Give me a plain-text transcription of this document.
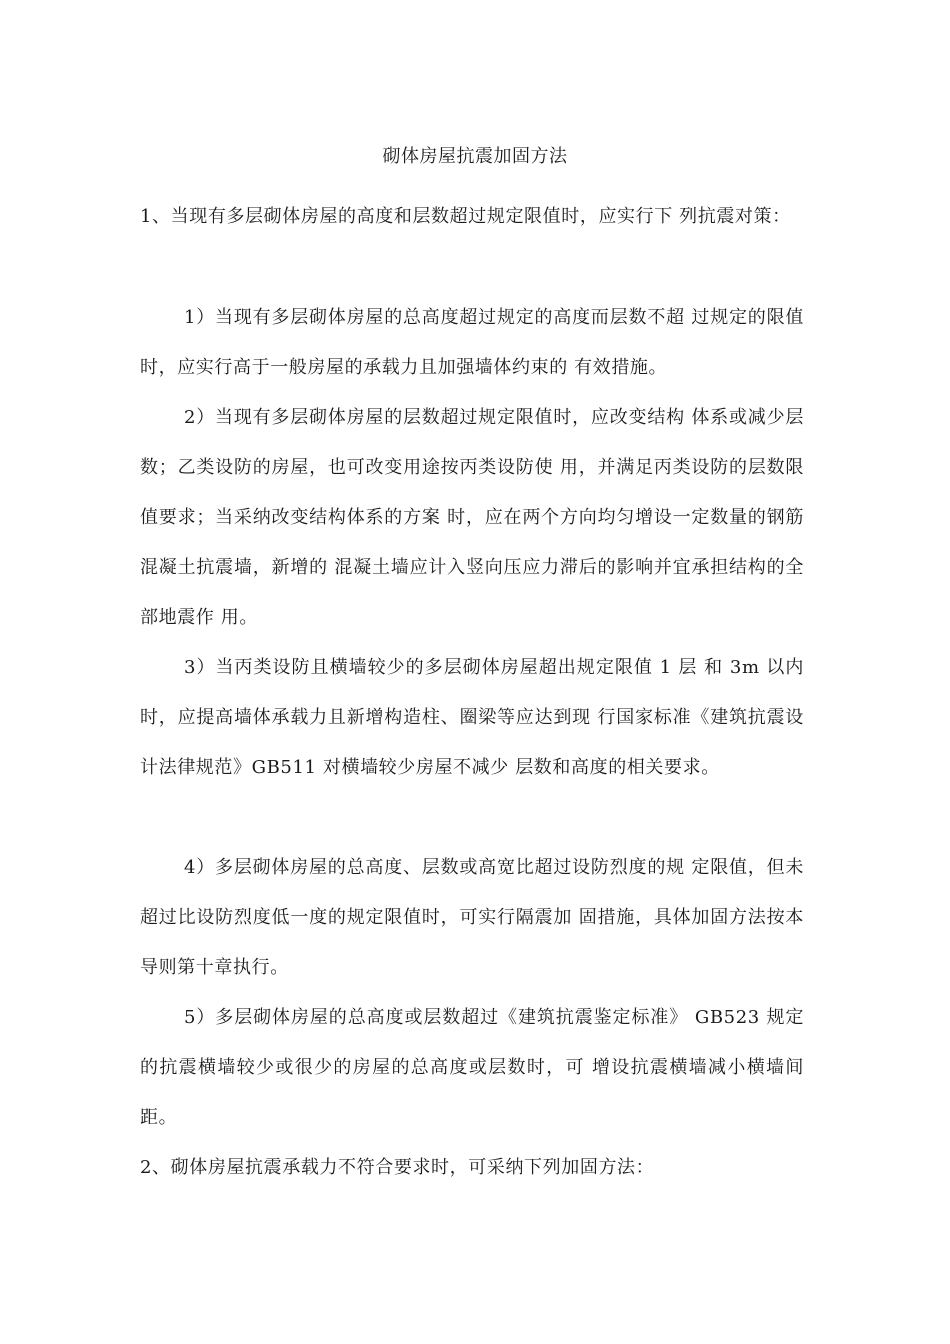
砌体房屋抗震加固方法

1、当现有多层砌体房屋的高度和层数超过规定限值时，应实行下 列抗震对策：

1）当现有多层砌体房屋的总高度超过规定的高度而层数不超 过规定的限值时，应实行高于一般房屋的承载力且加强墙体约束的 有效措施。

2）当现有多层砌体房屋的层数超过规定限值时，应改变结构 体系或减少层数；乙类设防的房屋，也可改变用途按丙类设防使 用，并满足丙类设防的层数限值要求；当采纳改变结构体系的方案 时，应在两个方向均匀增设一定数量的钢筋混凝土抗震墙，新增的 混凝土墙应计入竖向压应力滞后的影响并宜承担结构的全部地震作 用。

3）当丙类设防且横墙较少的多层砌体房屋超出规定限值 1 层 和 3m 以内时，应提高墙体承载力且新增构造柱、圈梁等应达到现 行国家标准《建筑抗震设计法律规范》GB511 对横墙较少房屋不减少 层数和高度的相关要求。

4）多层砌体房屋的总高度、层数或高宽比超过设防烈度的规 定限值，但未超过比设防烈度低一度的规定限值时，可实行隔震加 固措施，具体加固方法按本导则第十章执行。

5）多层砌体房屋的总高度或层数超过《建筑抗震鉴定标准》 GB523 规定的抗震横墙较少或很少的房屋的总高度或层数时，可 增设抗震横墙减小横墙间距。

2、砌体房屋抗震承载力不符合要求时，可采纳下列加固方法：
